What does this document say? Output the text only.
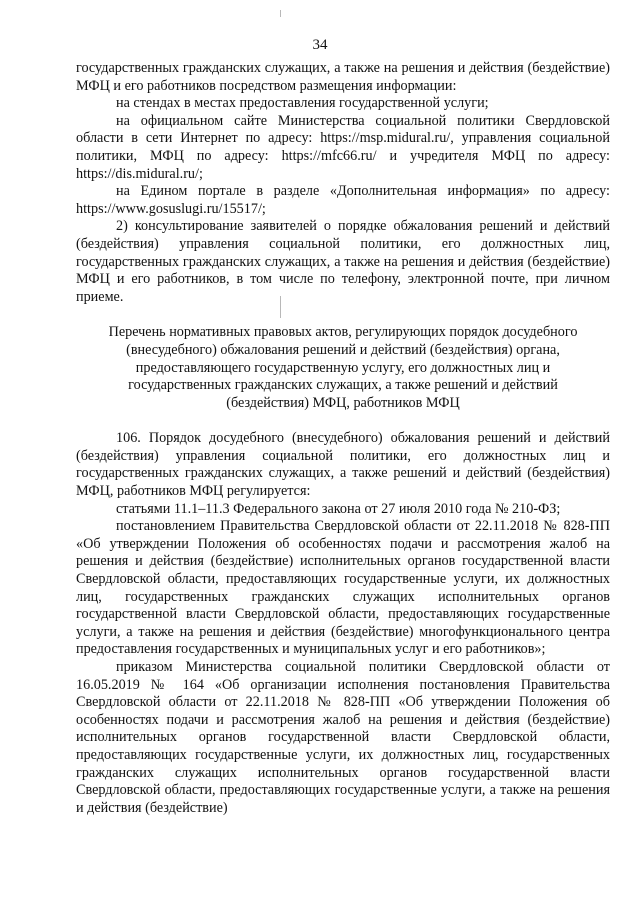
34

государственных гражданских служащих, а также на решения и действия (бездействие) МФЦ и его работников посредством размещения информации:

на стендах в местах предоставления государственной услуги;

на официальном сайте Министерства социальной политики Свердловской области в сети Интернет по адресу: https://msp.midural.ru/, управления социальной политики, МФЦ по адресу: https://mfc66.ru/ и учредителя МФЦ по адресу: https://dis.midural.ru/;

на Едином портале в разделе «Дополнительная информация» по адресу: https://www.gosuslugi.ru/15517/;

2) консультирование заявителей о порядке обжалования решений и действий (бездействия) управления социальной политики, его должностных лиц, государственных гражданских служащих, а также на решения и действия (бездействие) МФЦ и его работников, в том числе по телефону, электронной почте, при личном приеме.

Перечень нормативных правовых актов, регулирующих порядок досудебного (внесудебного) обжалования решений и действий (бездействия) органа, предоставляющего государственную услугу, его должностных лиц и государственных гражданских служащих, а также решений и действий (бездействия) МФЦ, работников МФЦ

106. Порядок досудебного (внесудебного) обжалования решений и действий (бездействия) управления социальной политики, его должностных лиц и государственных гражданских служащих, а также решений и действий (бездействия) МФЦ, работников МФЦ регулируется:

статьями 11.1–11.3 Федерального закона от 27 июля 2010 года № 210-ФЗ;

постановлением Правительства Свердловской области от 22.11.2018 № 828-ПП «Об утверждении Положения об особенностях подачи и рассмотрения жалоб на решения и действия (бездействие) исполнительных органов государственной власти Свердловской области, предоставляющих государственные услуги, их должностных лиц, государственных гражданских служащих исполнительных органов государственной власти Свердловской области, предоставляющих государственные услуги, а также на решения и действия (бездействие) многофункционального центра предоставления государственных и муниципальных услуг и его работников»;

приказом Министерства социальной политики Свердловской области от 16.05.2019 № 164 «Об организации исполнения постановления Правительства Свердловской области от 22.11.2018 № 828-ПП «Об утверждении Положения об особенностях подачи и рассмотрения жалоб на решения и действия (бездействие) исполнительных органов государственной власти Свердловской области, предоставляющих государственные услуги, их должностных лиц, государственных гражданских служащих исполнительных органов государственной власти Свердловской области, предоставляющих государственные услуги, а также на решения и действия (бездействие)
